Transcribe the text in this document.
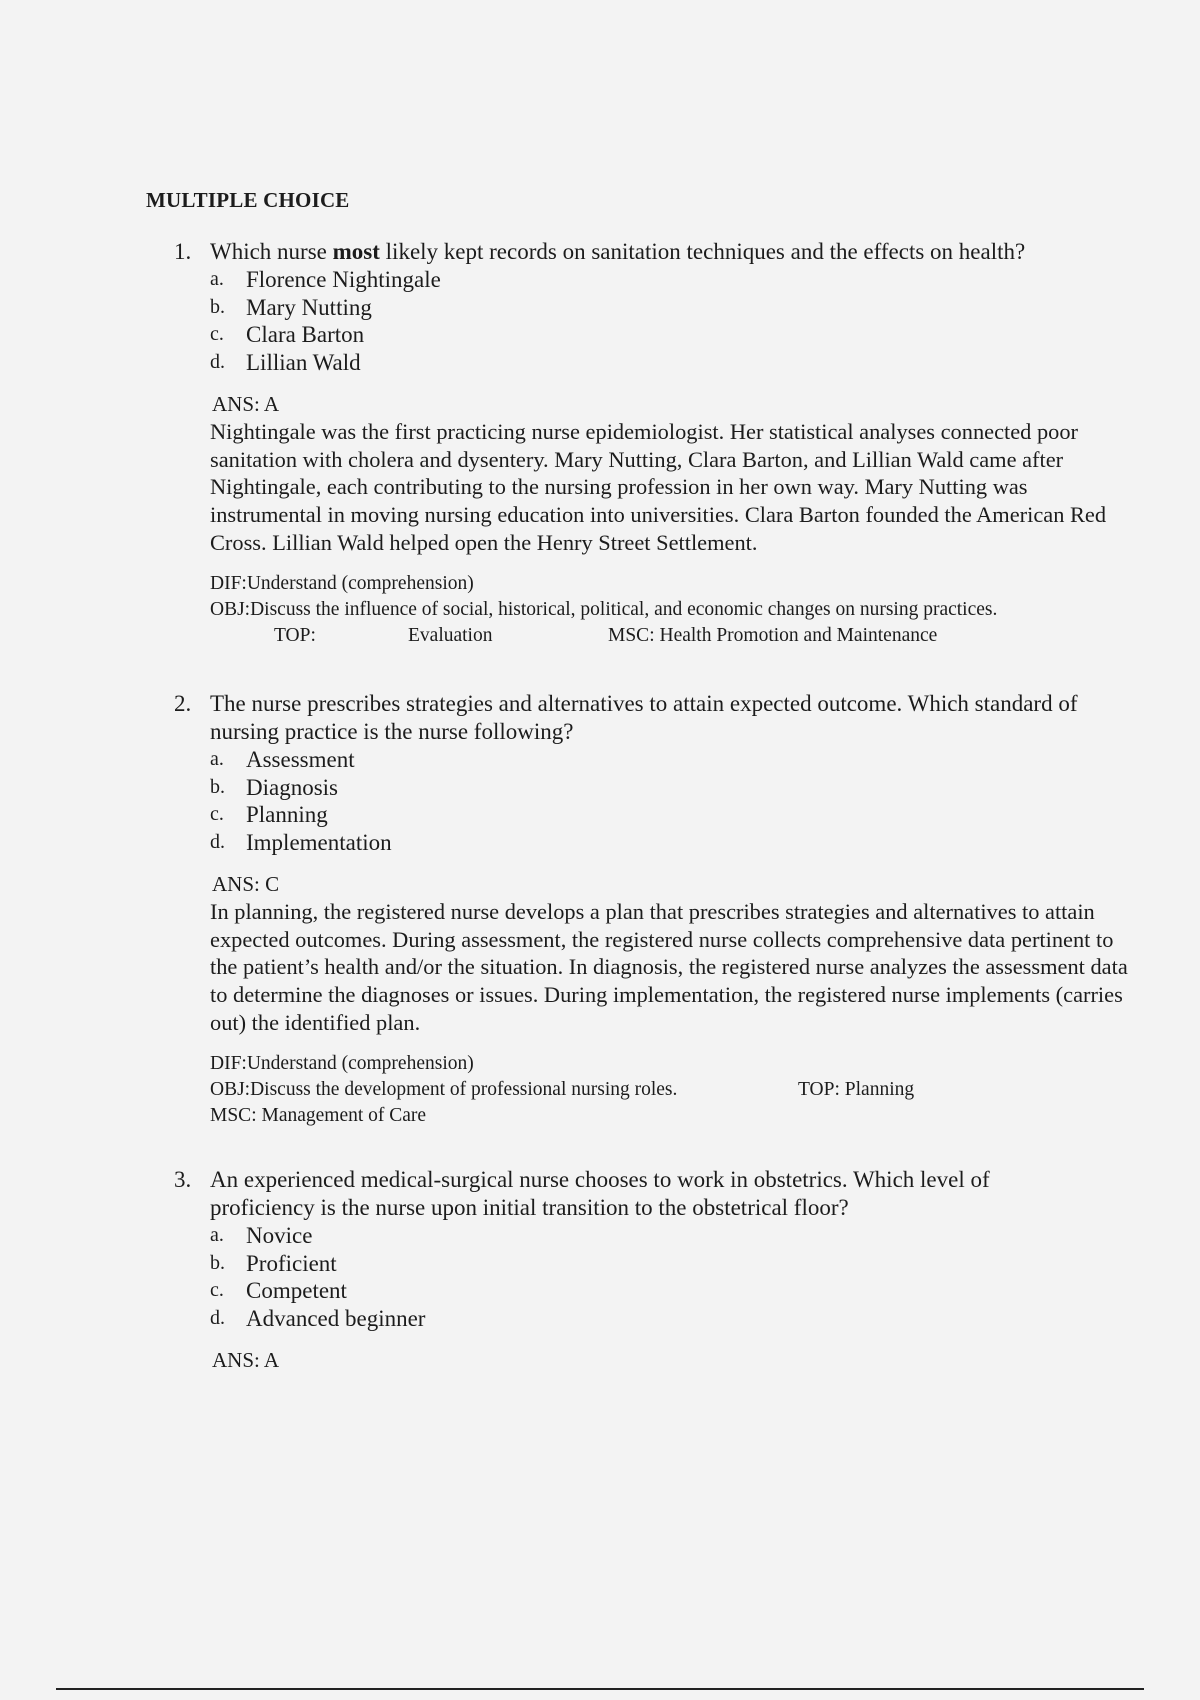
MULTIPLE CHOICE
1. Which nurse most likely kept records on sanitation techniques and the effects on health?
a. Florence Nightingale
b. Mary Nutting
c. Clara Barton
d. Lillian Wald
ANS: A
Nightingale was the first practicing nurse epidemiologist. Her statistical analyses connected poor sanitation with cholera and dysentery. Mary Nutting, Clara Barton, and Lillian Wald came after Nightingale, each contributing to the nursing profession in her own way. Mary Nutting was instrumental in moving nursing education into universities. Clara Barton founded the American Red Cross. Lillian Wald helped open the Henry Street Settlement.
DIF:Understand (comprehension)
OBJ:Discuss the influence of social, historical, political, and economic changes on nursing practices.
TOP:	Evaluation	MSC: Health Promotion and Maintenance
2. The nurse prescribes strategies and alternatives to attain expected outcome. Which standard of nursing practice is the nurse following?
a. Assessment
b. Diagnosis
c. Planning
d. Implementation
ANS: C
In planning, the registered nurse develops a plan that prescribes strategies and alternatives to attain expected outcomes. During assessment, the registered nurse collects comprehensive data pertinent to the patient’s health and/or the situation. In diagnosis, the registered nurse analyzes the assessment data to determine the diagnoses or issues. During implementation, the registered nurse implements (carries out) the identified plan.
DIF:Understand (comprehension)
OBJ:Discuss the development of professional nursing roles.	TOP: Planning
MSC: Management of Care
3. An experienced medical-surgical nurse chooses to work in obstetrics. Which level of proficiency is the nurse upon initial transition to the obstetrical floor?
a. Novice
b. Proficient
c. Competent
d. Advanced beginner
ANS: A
